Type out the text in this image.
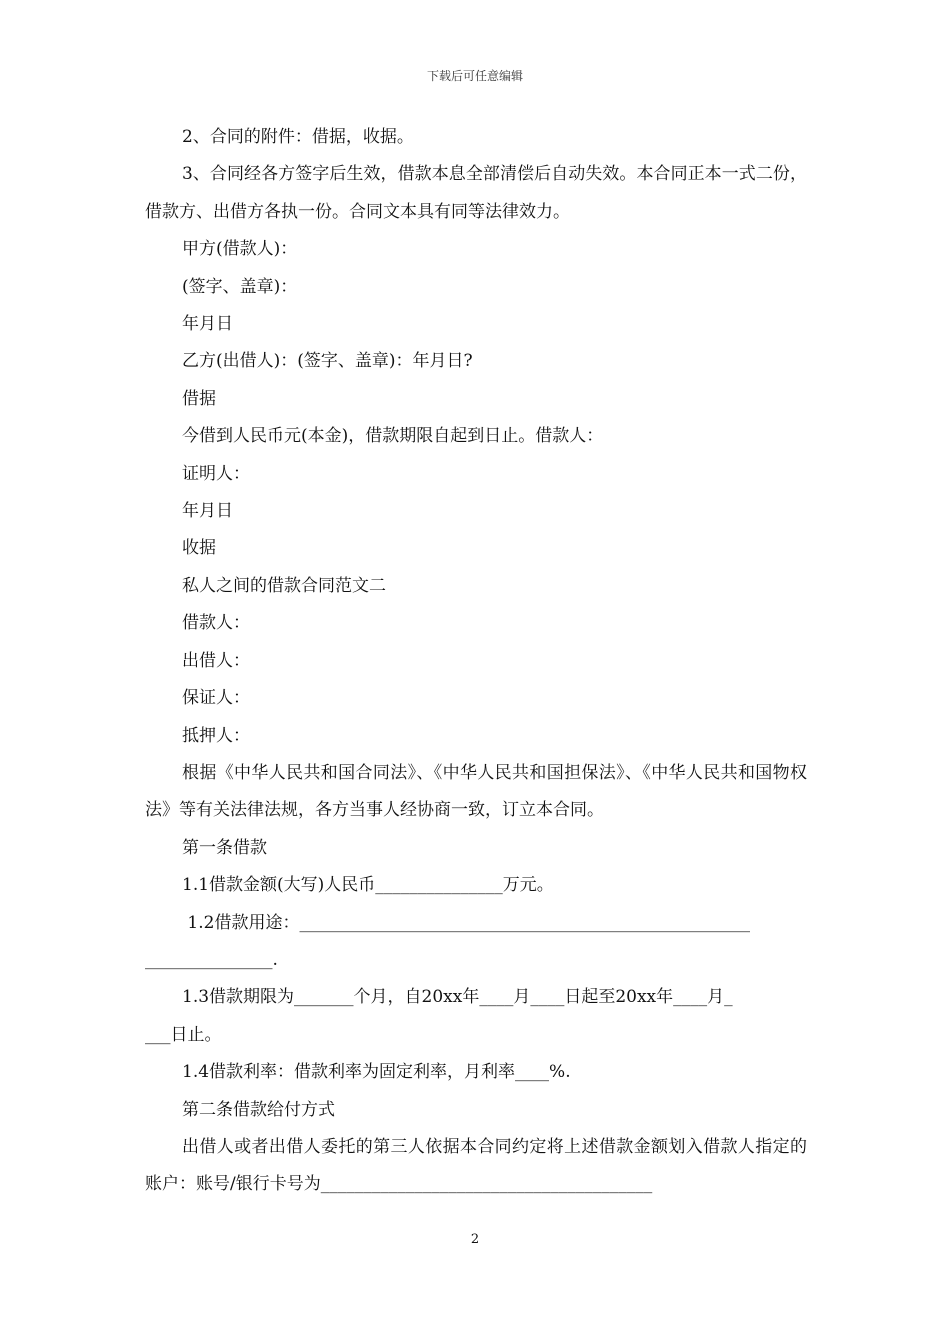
下载后可任意编辑

2、合同的附件：借据，收据。

3、合同经各方签字后生效，借款本息全部清偿后自动失效。本合同正本一式二份，借款方、出借方各执一份。合同文本具有同等法律效力。

甲方(借款人)：

(签字、盖章)：

年月日

乙方(出借人)：(签字、盖章)：年月日?

借据

今借到人民币元(本金)，借款期限自起到日止。借款人：

证明人：

年月日

收据

私人之间的借款合同范文二

借款人：

出借人：

保证人：

抵押人：

根据《中华人民共和国合同法》、《中华人民共和国担保法》、《中华人民共和国物权法》等有关法律法规，各方当事人经协商一致，订立本合同。

第一条借款

1.1借款金额(大写)人民币_______________万元。

1.2借款用途：_____________________________________________________

_______________.

1.3借款期限为_______个月，自20xx年____月____日起至20xx年____月_

___日止。

1.4借款利率：借款利率为固定利率，月利率____%.

第二条借款给付方式

出借人或者出借人委托的第三人依据本合同约定将上述借款金额划入借款人指定的账户：账号/银行卡号为_______________________________________

2
